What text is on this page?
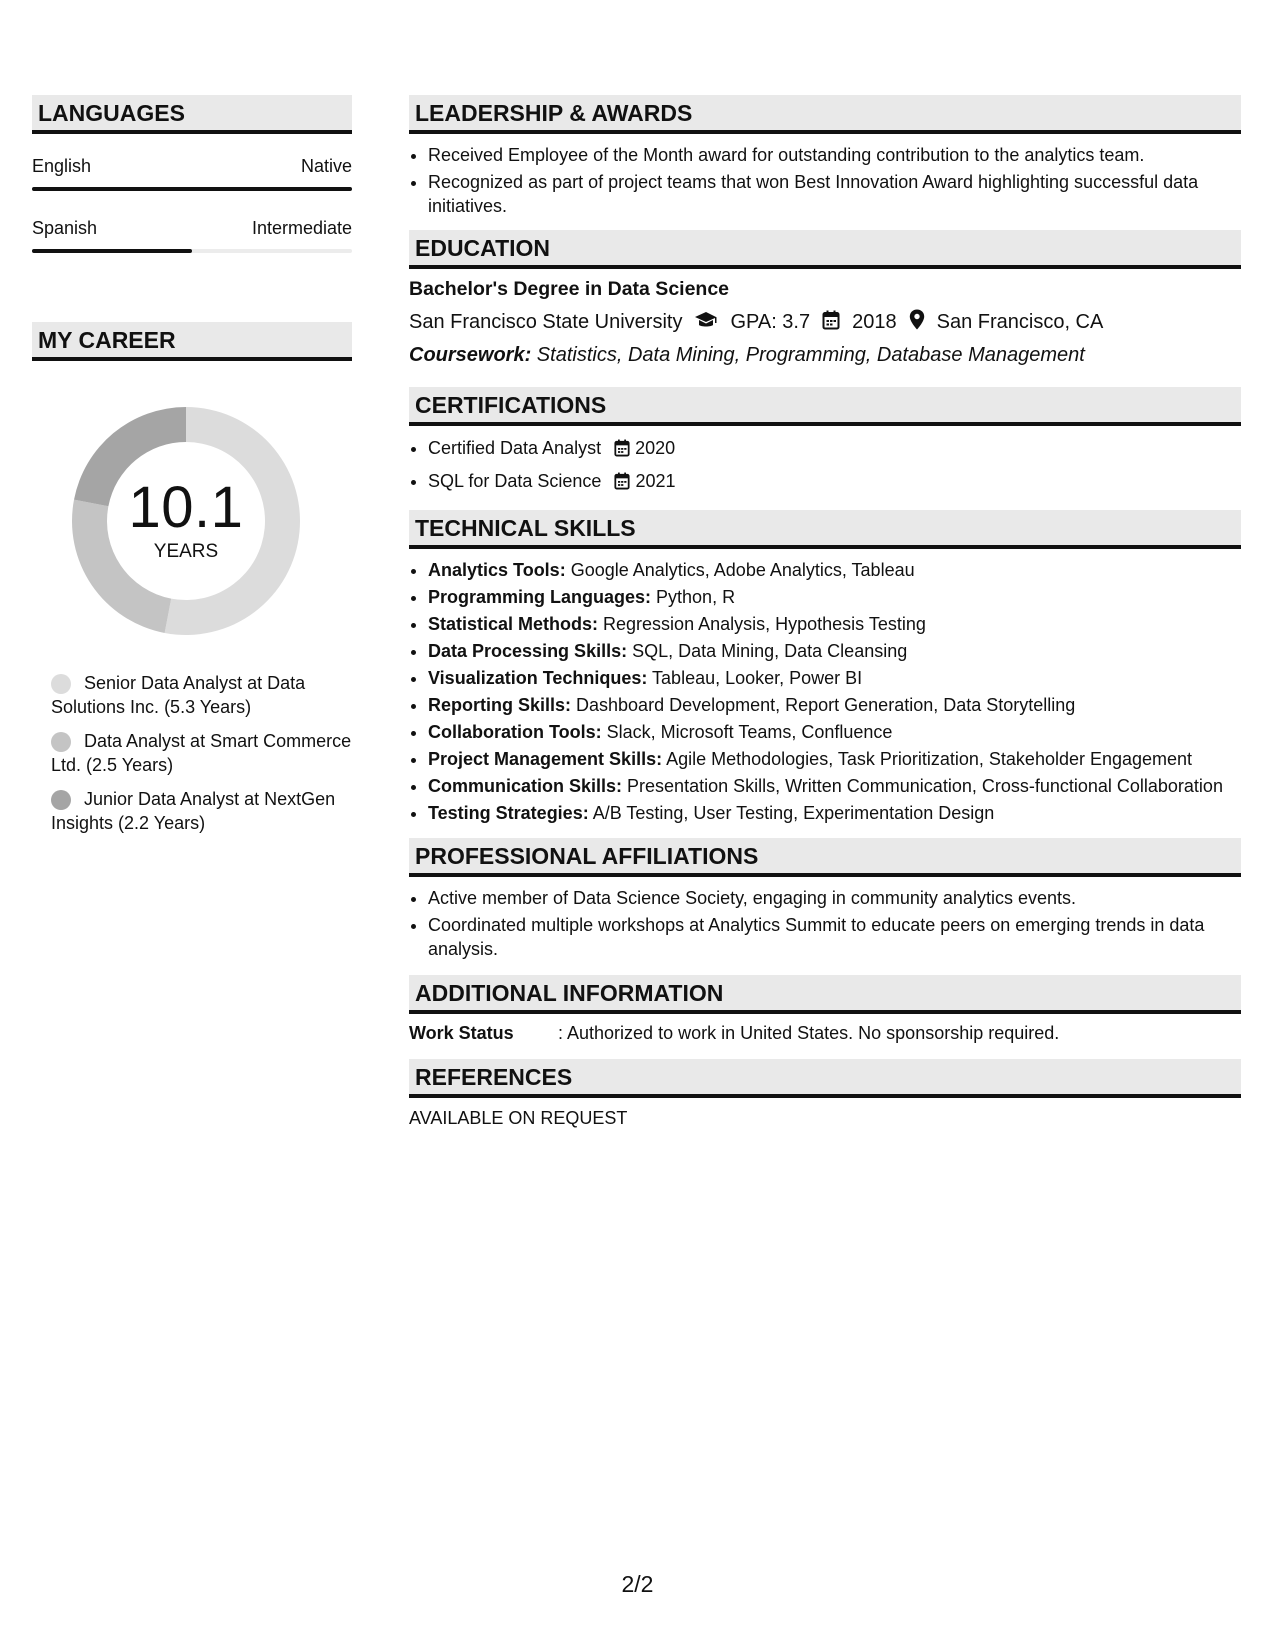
LANGUAGES
English	Native
Spanish	Intermediate
MY CAREER
10.1
YEARS
Senior Data Analyst at Data Solutions Inc. (5.3 Years)
Data Analyst at Smart Commerce Ltd. (2.5 Years)
Junior Data Analyst at NextGen Insights (2.2 Years)
LEADERSHIP & AWARDS
• Received Employee of the Month award for outstanding contribution to the analytics team.
• Recognized as part of project teams that won Best Innovation Award highlighting successful data initiatives.
EDUCATION
Bachelor's Degree in Data Science
San Francisco State University GPA: 3.7 2018 San Francisco, CA
Coursework: Statistics, Data Mining, Programming, Database Management
CERTIFICATIONS
• Certified Data Analyst 2020
• SQL for Data Science 2021
TECHNICAL SKILLS
• Analytics Tools: Google Analytics, Adobe Analytics, Tableau
• Programming Languages: Python, R
• Statistical Methods: Regression Analysis, Hypothesis Testing
• Data Processing Skills: SQL, Data Mining, Data Cleansing
• Visualization Techniques: Tableau, Looker, Power BI
• Reporting Skills: Dashboard Development, Report Generation, Data Storytelling
• Collaboration Tools: Slack, Microsoft Teams, Confluence
• Project Management Skills: Agile Methodologies, Task Prioritization, Stakeholder Engagement
• Communication Skills: Presentation Skills, Written Communication, Cross-functional Collaboration
• Testing Strategies: A/B Testing, User Testing, Experimentation Design
PROFESSIONAL AFFILIATIONS
• Active member of Data Science Society, engaging in community analytics events.
• Coordinated multiple workshops at Analytics Summit to educate peers on emerging trends in data analysis.
ADDITIONAL INFORMATION
Work Status	: Authorized to work in United States. No sponsorship required.
REFERENCES
AVAILABLE ON REQUEST
2/2
